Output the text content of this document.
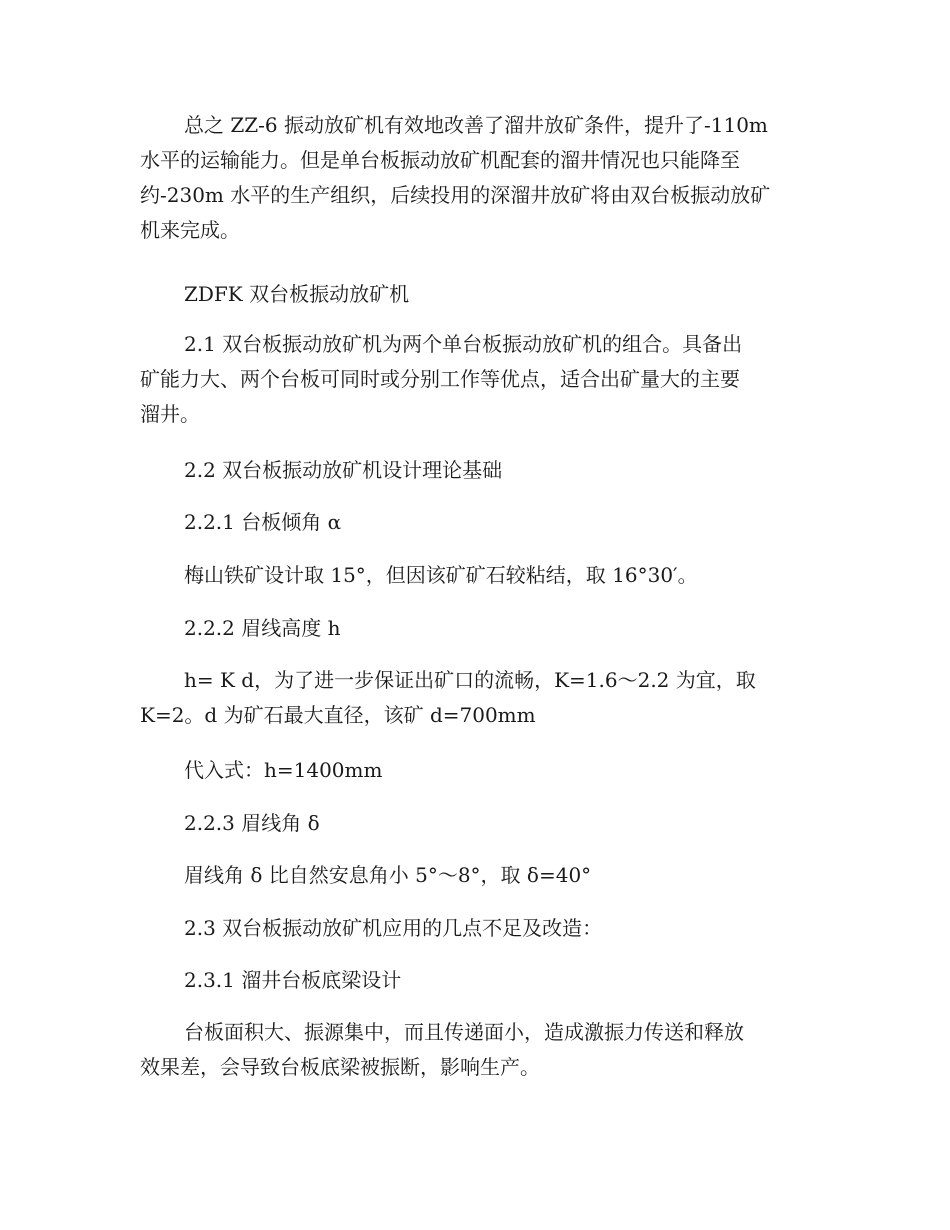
总之 ZZ-6 振动放矿机有效地改善了溜井放矿条件，提升了-110m
水平的运输能力。但是单台板振动放矿机配套的溜井情况也只能降至
约-230m 水平的生产组织，后续投用的深溜井放矿将由双台板振动放矿
机来完成。

ZDFK 双台板振动放矿机

2.1 双台板振动放矿机为两个单台板振动放矿机的组合。具备出
矿能力大、两个台板可同时或分别工作等优点，适合出矿量大的主要
溜井。

2.2 双台板振动放矿机设计理论基础

2.2.1 台板倾角 α

梅山铁矿设计取 15°，但因该矿矿石较粘结，取 16°30′。

2.2.2 眉线高度 h

h= K d，为了进一步保证出矿口的流畅，K=1.6～2.2 为宜，取
K=2。d 为矿石最大直径，该矿 d=700mm

代入式：h=1400mm

2.2.3 眉线角 δ

眉线角 δ 比自然安息角小 5°～8°，取 δ=40°

2.3 双台板振动放矿机应用的几点不足及改造：

2.3.1 溜井台板底梁设计

台板面积大、振源集中，而且传递面小，造成激振力传送和释放
效果差，会导致台板底梁被振断，影响生产。
